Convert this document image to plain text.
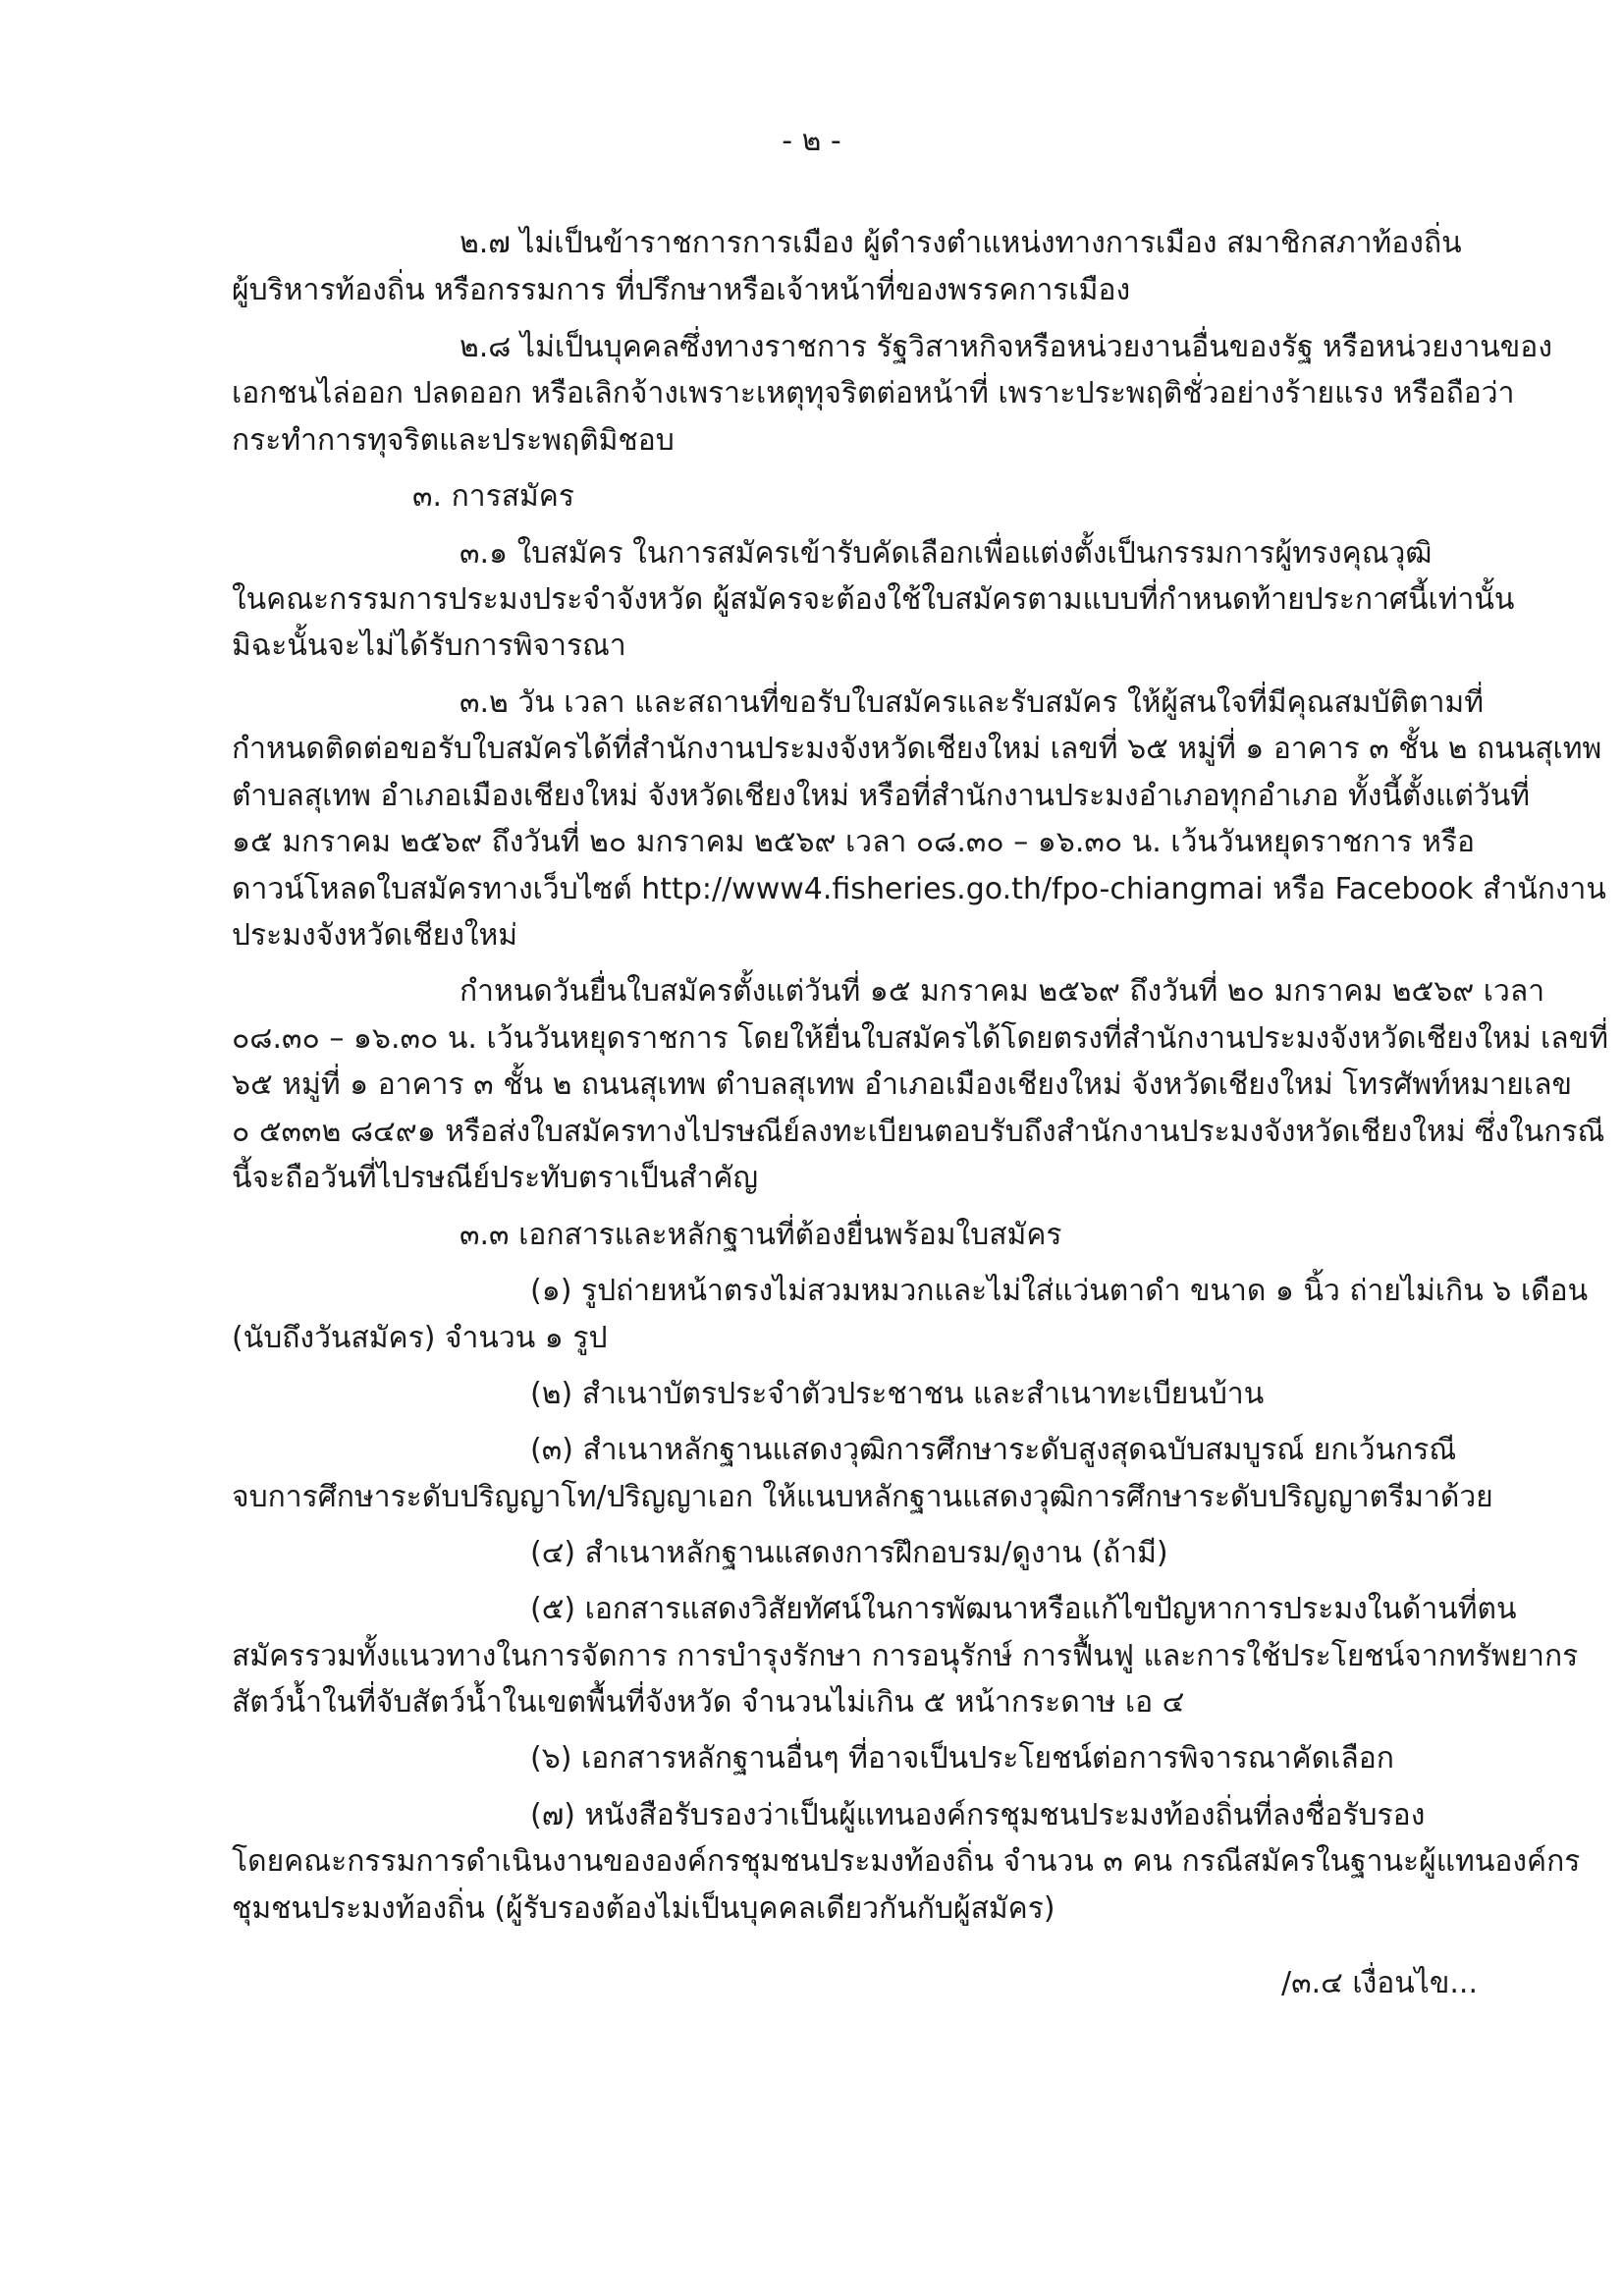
- ๒ -
๒.๗ ไม่เป็นข้าราชการการเมือง ผู้ดำรงตำแหน่งทางการเมือง สมาชิกสภาท้องถิ่น
ผู้บริหารท้องถิ่น หรือกรรมการ ที่ปรึกษาหรือเจ้าหน้าที่ของพรรคการเมือง
๒.๘ ไม่เป็นบุคคลซึ่งทางราชการ รัฐวิสาหกิจหรือหน่วยงานอื่นของรัฐ หรือหน่วยงานของ
เอกชนไล่ออก ปลดออก หรือเลิกจ้างเพราะเหตุทุจริตต่อหน้าที่ เพราะประพฤติชั่วอย่างร้ายแรง หรือถือว่า
กระทำการทุจริตและประพฤติมิชอบ
๓. การสมัคร
๓.๑ ใบสมัคร ในการสมัครเข้ารับคัดเลือกเพื่อแต่งตั้งเป็นกรรมการผู้ทรงคุณวุฒิ
ในคณะกรรมการประมงประจำจังหวัด ผู้สมัครจะต้องใช้ใบสมัครตามแบบที่กำหนดท้ายประกาศนี้เท่านั้น
มิฉะนั้นจะไม่ได้รับการพิจารณา
๓.๒ วัน เวลา และสถานที่ขอรับใบสมัครและรับสมัคร ให้ผู้สนใจที่มีคุณสมบัติตามที่
กำหนดติดต่อขอรับใบสมัครได้ที่สำนักงานประมงจังหวัดเชียงใหม่ เลขที่ ๖๕ หมู่ที่ ๑ อาคาร ๓ ชั้น ๒ ถนนสุเทพ
ตำบลสุเทพ อำเภอเมืองเชียงใหม่ จังหวัดเชียงใหม่ หรือที่สำนักงานประมงอำเภอทุกอำเภอ ทั้งนี้ตั้งแต่วันที่
๑๕ มกราคม ๒๕๖๙ ถึงวันที่ ๒๐ มกราคม ๒๕๖๙ เวลา ๐๘.๓๐ – ๑๖.๓๐ น. เว้นวันหยุดราชการ หรือ
ดาวน์โหลดใบสมัครทางเว็บไซต์ http://www4.fisheries.go.th/fpo-chiangmai หรือ Facebook สำนักงาน
ประมงจังหวัดเชียงใหม่
กำหนดวันยื่นใบสมัครตั้งแต่วันที่ ๑๕ มกราคม ๒๕๖๙ ถึงวันที่ ๒๐ มกราคม ๒๕๖๙ เวลา
๐๘.๓๐ – ๑๖.๓๐ น. เว้นวันหยุดราชการ โดยให้ยื่นใบสมัครได้โดยตรงที่สำนักงานประมงจังหวัดเชียงใหม่ เลขที่
๖๕ หมู่ที่ ๑ อาคาร ๓ ชั้น ๒ ถนนสุเทพ ตำบลสุเทพ อำเภอเมืองเชียงใหม่ จังหวัดเชียงใหม่ โทรศัพท์หมายเลข
๐ ๕๓๓๒ ๘๔๙๑ หรือส่งใบสมัครทางไปรษณีย์ลงทะเบียนตอบรับถึงสำนักงานประมงจังหวัดเชียงใหม่ ซึ่งในกรณี
นี้จะถือวันที่ไปรษณีย์ประทับตราเป็นสำคัญ
๓.๓ เอกสารและหลักฐานที่ต้องยื่นพร้อมใบสมัคร
(๑) รูปถ่ายหน้าตรงไม่สวมหมวกและไม่ใส่แว่นตาดำ ขนาด ๑ นิ้ว ถ่ายไม่เกิน ๖ เดือน
(นับถึงวันสมัคร) จำนวน ๑ รูป
(๒) สำเนาบัตรประจำตัวประชาชน และสำเนาทะเบียนบ้าน
(๓) สำเนาหลักฐานแสดงวุฒิการศึกษาระดับสูงสุดฉบับสมบูรณ์ ยกเว้นกรณี
จบการศึกษาระดับปริญญาโท/ปริญญาเอก ให้แนบหลักฐานแสดงวุฒิการศึกษาระดับปริญญาตรีมาด้วย
(๔) สำเนาหลักฐานแสดงการฝึกอบรม/ดูงาน (ถ้ามี)
(๕) เอกสารแสดงวิสัยทัศน์ในการพัฒนาหรือแก้ไขปัญหาการประมงในด้านที่ตน
สมัครรวมทั้งแนวทางในการจัดการ การบำรุงรักษา การอนุรักษ์ การฟื้นฟู และการใช้ประโยชน์จากทรัพยากร
สัตว์น้ำในที่จับสัตว์น้ำในเขตพื้นที่จังหวัด จำนวนไม่เกิน ๕ หน้ากระดาษ เอ ๔
(๖) เอกสารหลักฐานอื่นๆ ที่อาจเป็นประโยชน์ต่อการพิจารณาคัดเลือก
(๗) หนังสือรับรองว่าเป็นผู้แทนองค์กรชุมชนประมงท้องถิ่นที่ลงชื่อรับรอง
โดยคณะกรรมการดำเนินงานขององค์กรชุมชนประมงท้องถิ่น จำนวน ๓ คน กรณีสมัครในฐานะผู้แทนองค์กร
ชุมชนประมงท้องถิ่น (ผู้รับรองต้องไม่เป็นบุคคลเดียวกันกับผู้สมัคร)
/๓.๔ เงื่อนไข...
